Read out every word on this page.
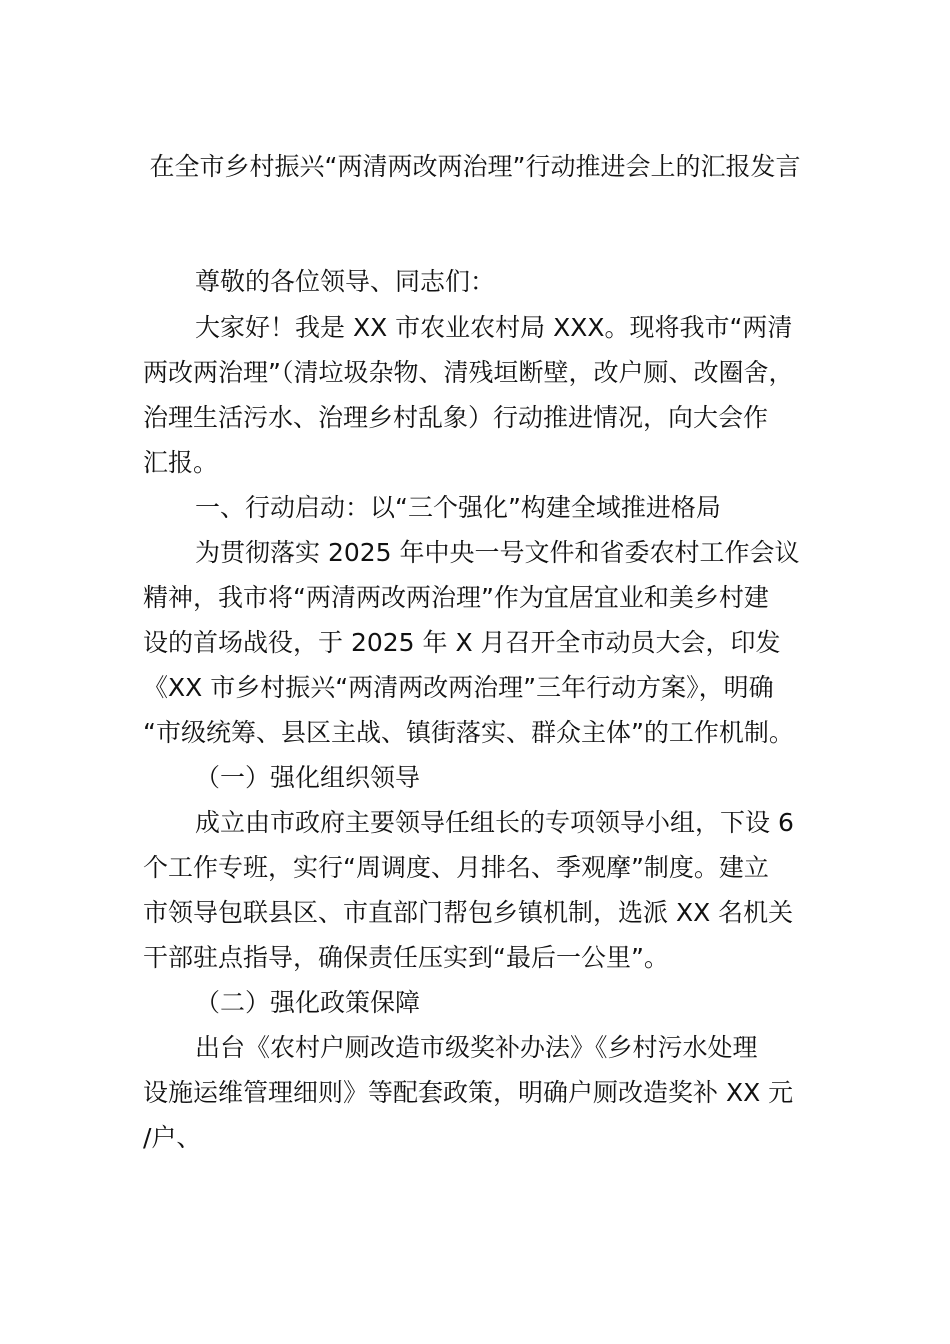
在全市乡村振兴“两清两改两治理”行动推进会上的汇报发言
尊敬的各位领导、同志们：
大家好！我是 XX 市农业农村局 XXX。现将我市“两清
两改两治理”（清垃圾杂物、清残垣断壁，改户厕、改圈舍，
治理生活污水、治理乡村乱象）行动推进情况，向大会作
汇报。
一、行动启动：以“三个强化”构建全域推进格局
为贯彻落实 2025 年中央一号文件和省委农村工作会议
精神，我市将“两清两改两治理”作为宜居宜业和美乡村建
设的首场战役，于 2025 年 X 月召开全市动员大会，印发
《XX 市乡村振兴“两清两改两治理”三年行动方案》，明确
“市级统筹、县区主战、镇街落实、群众主体”的工作机制。
（一）强化组织领导
成立由市政府主要领导任组长的专项领导小组，下设 6
个工作专班，实行“周调度、月排名、季观摩”制度。建立
市领导包联县区、市直部门帮包乡镇机制，选派 XX 名机关
干部驻点指导，确保责任压实到“最后一公里”。
（二）强化政策保障
出台《农村户厕改造市级奖补办法》《乡村污水处理
设施运维管理细则》等配套政策，明确户厕改造奖补 XX 元
/户、
